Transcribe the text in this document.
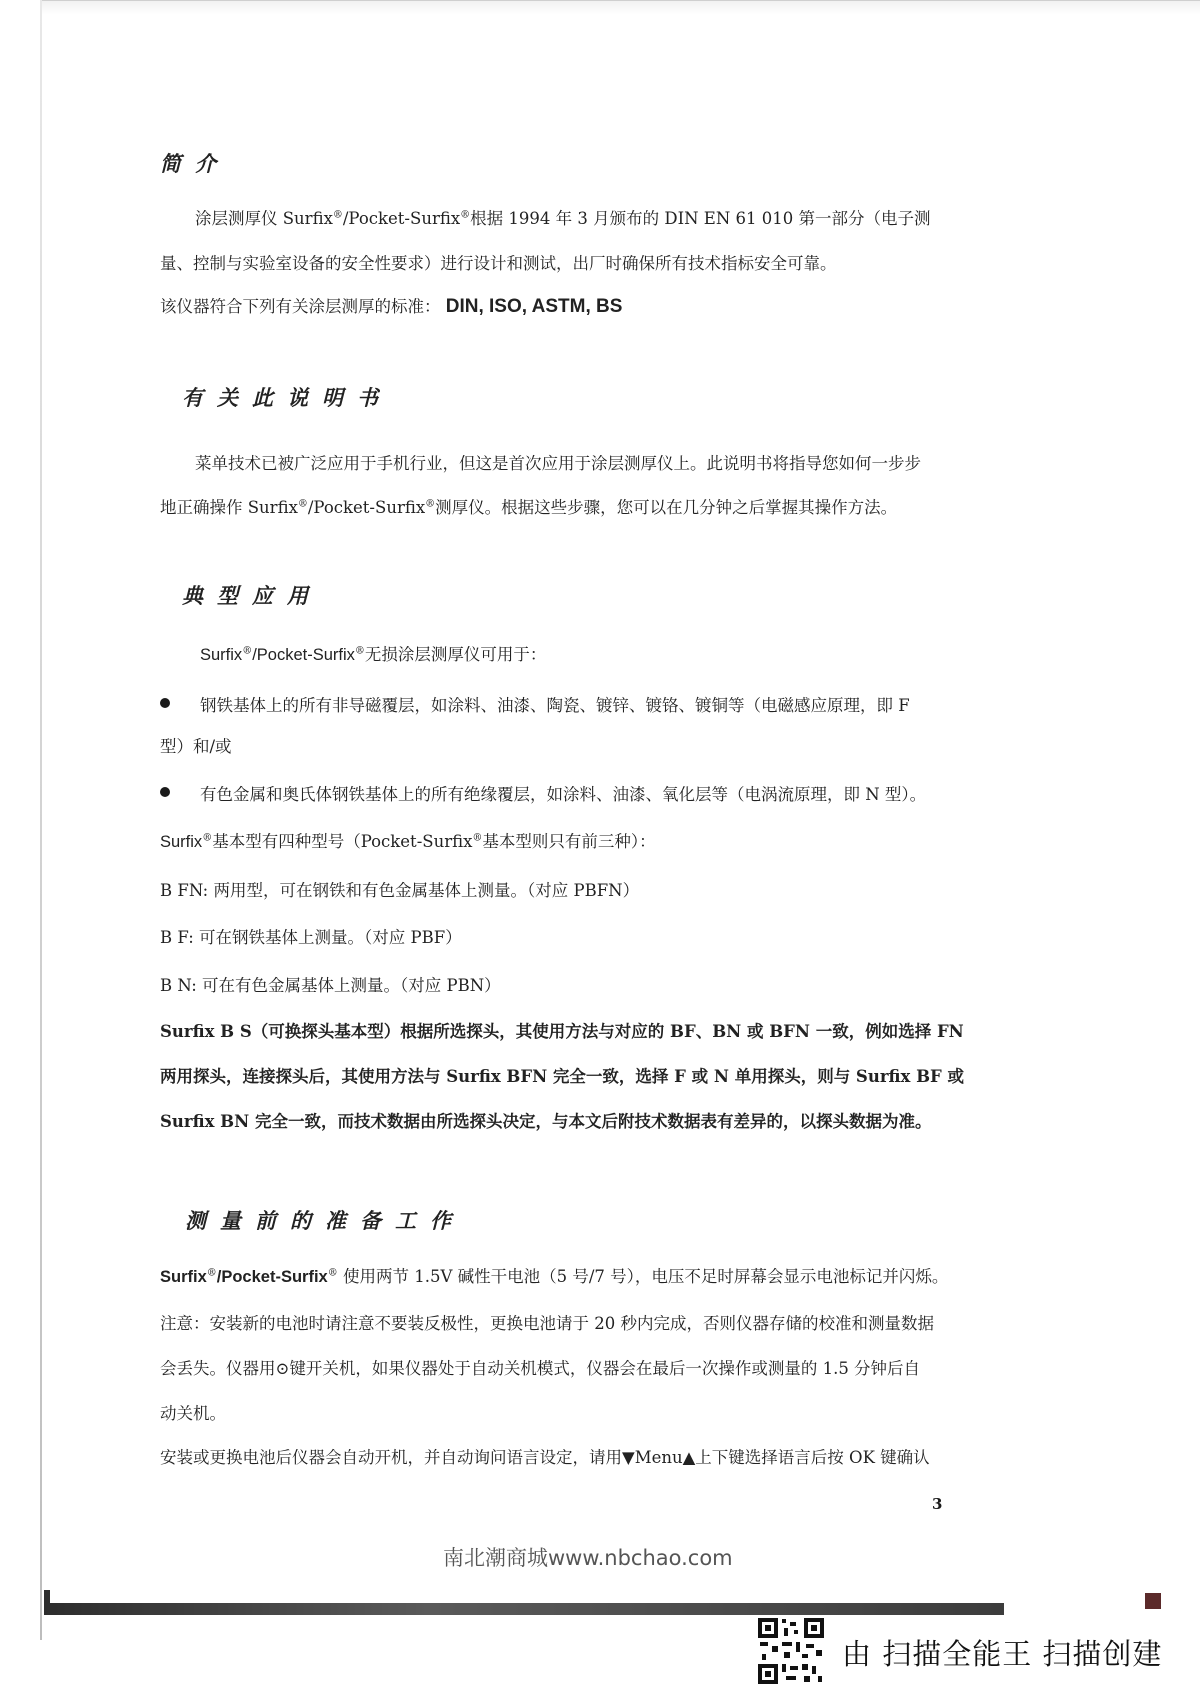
简介
涂层测厚仪 Surfix®/Pocket-Surfix®根据 1994 年 3 月颁布的 DIN EN 61 010 第一部分（电子测
量、控制与实验室设备的安全性要求）进行设计和测试，出厂时确保所有技术指标安全可靠。
该仪器符合下列有关涂层测厚的标准： DIN, ISO, ASTM, BS
有关此说明书
菜单技术已被广泛应用于手机行业，但这是首次应用于涂层测厚仪上。此说明书将指导您如何一步步
地正确操作 Surfix®/Pocket-Surfix®测厚仪。根据这些步骤，您可以在几分钟之后掌握其操作方法。
典型应用
Surfix®/Pocket-Surfix®无损涂层测厚仪可用于：
钢铁基体上的所有非导磁覆层，如涂料、油漆、陶瓷、镀锌、镀铬、镀铜等（电磁感应原理，即 F
型）和/或
有色金属和奥氏体钢铁基体上的所有绝缘覆层，如涂料、油漆、氧化层等（电涡流原理，即 N 型）。
Surfix®基本型有四种型号（Pocket-Surfix®基本型则只有前三种）：
B FN: 两用型，可在钢铁和有色金属基体上测量。（对应 PBFN）
B F: 可在钢铁基体上测量。（对应 PBF）
B N: 可在有色金属基体上测量。（对应 PBN）
Surfix B S（可换探头基本型）根据所选探头，其使用方法与对应的 BF、BN 或 BFN 一致，例如选择 FN
两用探头，连接探头后，其使用方法与 Surfix BFN 完全一致，选择 F 或 N 单用探头，则与 Surfix BF 或
Surfix BN 完全一致，而技术数据由所选探头决定，与本文后附技术数据表有差异的，以探头数据为准。
测量前的准备工作
Surfix®/Pocket-Surfix® 使用两节 1.5V 碱性干电池（5 号/7 号），电压不足时屏幕会显示电池标记并闪烁。
注意：安装新的电池时请注意不要装反极性，更换电池请于 20 秒内完成，否则仪器存储的校准和测量数据
会丢失。仪器用⊙键开关机，如果仪器处于自动关机模式，仪器会在最后一次操作或测量的 1.5 分钟后自
动关机。
安装或更换电池后仪器会自动开机，并自动询问语言设定，请用▼Menu▲上下键选择语言后按 OK 键确认
3
南北潮商城www.nbchao.com
由 扫描全能王 扫描创建
